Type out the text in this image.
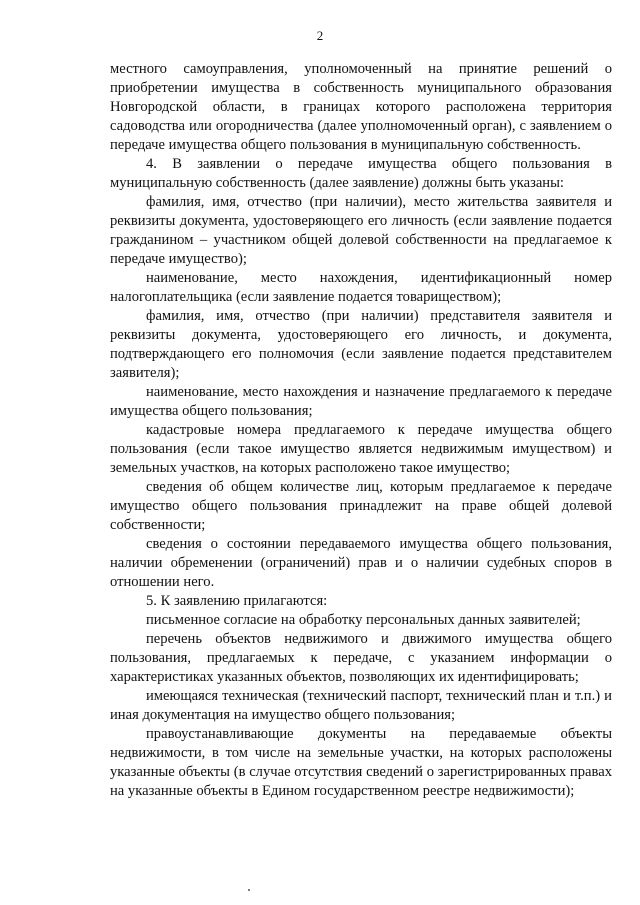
2

местного самоуправления, уполномоченный на принятие решений о приобретении имущества в собственность муниципального образования Новгородской области, в границах которого расположена территория садоводства или огородничества (далее уполномоченный орган), с заявлением о передаче имущества общего пользования в муниципальную собственность.

4. В заявлении о передаче имущества общего пользования в муниципальную собственность (далее заявление) должны быть указаны:

фамилия, имя, отчество (при наличии), место жительства заявителя и реквизиты документа, удостоверяющего его личность (если заявление подается гражданином – участником общей долевой собственности на предлагаемое к передаче имущество);

наименование, место нахождения, идентификационный номер налогоплательщика (если заявление подается товариществом);

фамилия, имя, отчество (при наличии) представителя заявителя и реквизиты документа, удостоверяющего его личность, и документа, подтверждающего его полномочия (если заявление подается представителем заявителя);

наименование, место нахождения и назначение предлагаемого к передаче имущества общего пользования;

кадастровые номера предлагаемого к передаче имущества общего пользования (если такое имущество является недвижимым имуществом) и земельных участков, на которых расположено такое имущество;

сведения об общем количестве лиц, которым предлагаемое к передаче имущество общего пользования принадлежит на праве общей долевой собственности;

сведения о состоянии передаваемого имущества общего пользования, наличии обременении (ограничений) прав и о наличии судебных споров в отношении него.

5. К заявлению прилагаются:

письменное согласие на обработку персональных данных заявителей;

перечень объектов недвижимого и движимого имущества общего пользования, предлагаемых к передаче, с указанием информации о характеристиках указанных объектов, позволяющих их идентифицировать;

имеющаяся техническая (технический паспорт, технический план и т.п.) и иная документация на имущество общего пользования;

правоустанавливающие документы на передаваемые объекты недвижимости, в том числе на земельные участки, на которых расположены указанные объекты (в случае отсутствия сведений о зарегистрированных правах на указанные объекты в Едином государственном реестре недвижимости);
